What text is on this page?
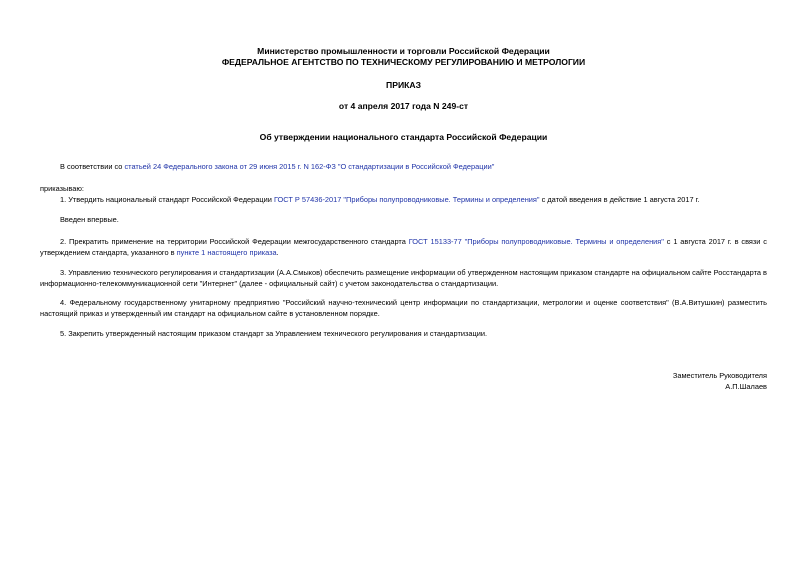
Министерство промышленности и торговли Российской Федерации
ФЕДЕРАЛЬНОЕ АГЕНТСТВО ПО ТЕХНИЧЕСКОМУ РЕГУЛИРОВАНИЮ И МЕТРОЛОГИИ
ПРИКАЗ
от 4 апреля 2017 года N 249-ст
Об утверждении национального стандарта Российской Федерации
В соответствии со статьей 24 Федерального закона от 29 июня 2015 г. N 162-ФЗ "О стандартизации в Российской Федерации"
приказываю:
1. Утвердить национальный стандарт Российской Федерации ГОСТ Р 57436-2017 "Приборы полупроводниковые. Термины и определения" с датой введения в действие 1 августа 2017 г.
Введен впервые.
2. Прекратить применение на территории Российской Федерации межгосударственного стандарта ГОСТ 15133-77 "Приборы полупроводниковые. Термины и определения" с 1 августа 2017 г. в связи с утверждением стандарта, указанного в пункте 1 настоящего приказа.
3. Управлению технического регулирования и стандартизации (А.А.Смыков) обеспечить размещение информации об утвержденном настоящим приказом стандарте на официальном сайте Росстандарта в информационно-телекоммуникационной сети "Интернет" (далее - официальный сайт) с учетом законодательства о стандартизации.
4. Федеральному государственному унитарному предприятию "Российский научно-технический центр информации по стандартизации, метрологии и оценке соответствия" (В.А.Витушкин) разместить настоящий приказ и утвержденный им стандарт на официальном сайте в установленном порядке.
5. Закрепить утвержденный настоящим приказом стандарт за Управлением технического регулирования и стандартизации.
Заместитель Руководителя
А.П.Шалаев
